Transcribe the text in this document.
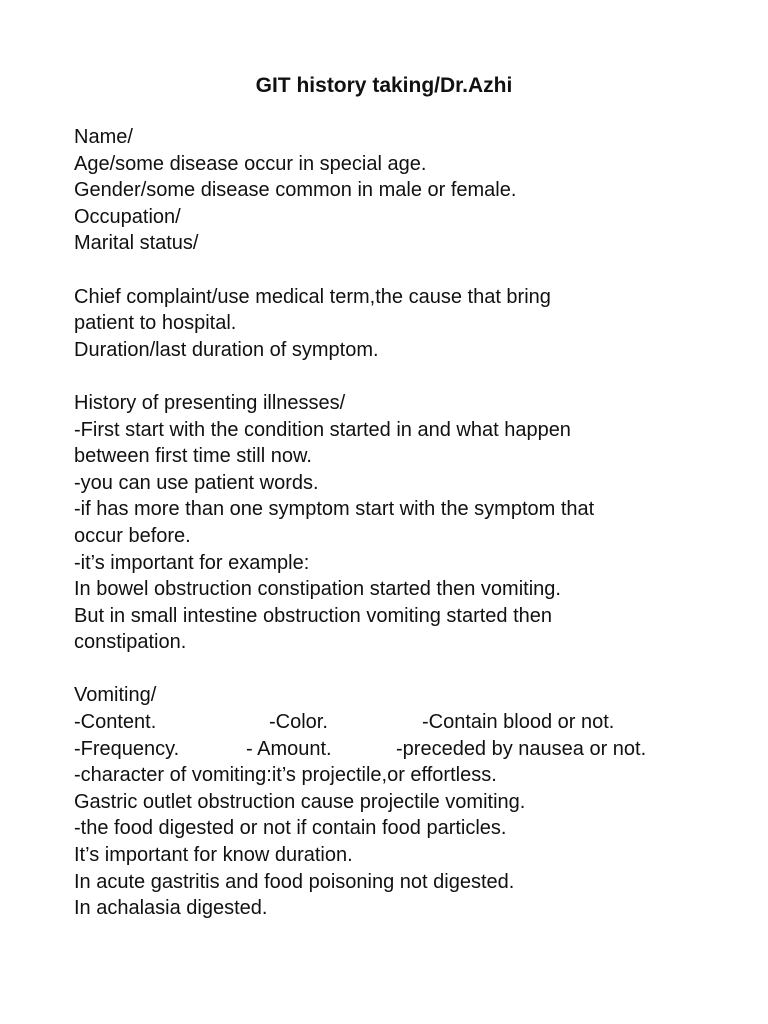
GIT history taking/Dr.Azhi
Name/
Age/some disease occur in special age.
Gender/some disease common in male or female.
Occupation/
Marital status/
Chief complaint/use medical term,the cause that bring
patient to hospital.
Duration/last duration of symptom.
History of presenting illnesses/
-First start with the condition started in and what happen
between first time still now.
-you can use patient words.
-if has more than one symptom start with the symptom that
occur before.
-it’s important for example:
In bowel obstruction constipation started then vomiting.
But in small intestine obstruction vomiting started then
constipation.
Vomiting/

-Content.

	-Color.

	-Contain blood or not.

-Frequency.

	- Amount.

	-preceded by nausea or not.

-character of vomiting:it’s projectile,or effortless.
Gastric outlet obstruction cause projectile vomiting.
-the food digested or not if contain food particles.
It’s important for know duration.
In acute gastritis and food poisoning not digested.
In achalasia digested.
